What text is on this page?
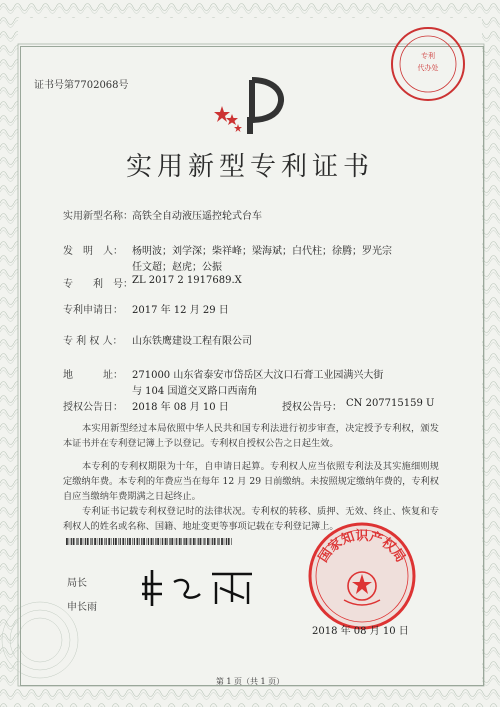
证书号第7702068号
专利
代办处
实用新型专利证书
实用新型名称： 高铁全自动液压遥控轮式台车
发　明　人： 杨明波；刘学深；柴祥峰；梁海斌；白代柱；徐腾；罗光宗
任文超；赵虎；公振
专　　利　号： ZL 2017 2 1917689.X
专利申请日： 2017 年 12 月 29 日
专 利 权 人： 山东铁鹰建设工程有限公司
地　　　址： 271000 山东省泰安市岱岳区大汶口石膏工业园满兴大街
与 104 国道交叉路口西南角
授权公告日： 2018 年 08 月 10 日	授权公告号： CN 207715159 U
本实用新型经过本局依照中华人民共和国专利法进行初步审查，决定授予专利权，颁发本证书并在专利登记簿上予以登记。专利权自授权公告之日起生效。
本专利的专利权期限为十年，自申请日起算。专利权人应当依照专利法及其实施细则规定缴纳年费。本专利的年费应当在每年 12 月 29 日前缴纳。未按照规定缴纳年费的，专利权自应当缴纳年费期满之日起终止。
专利证书记载专利权登记时的法律状况。专利权的转移、质押、无效、终止、恢复和专利权人的姓名或名称、国籍、地址变更等事项记载在专利登记簿上。
局长
申长雨
国家知识产权局
2018 年 08 月 10 日
第 1 页（共 1 页）
